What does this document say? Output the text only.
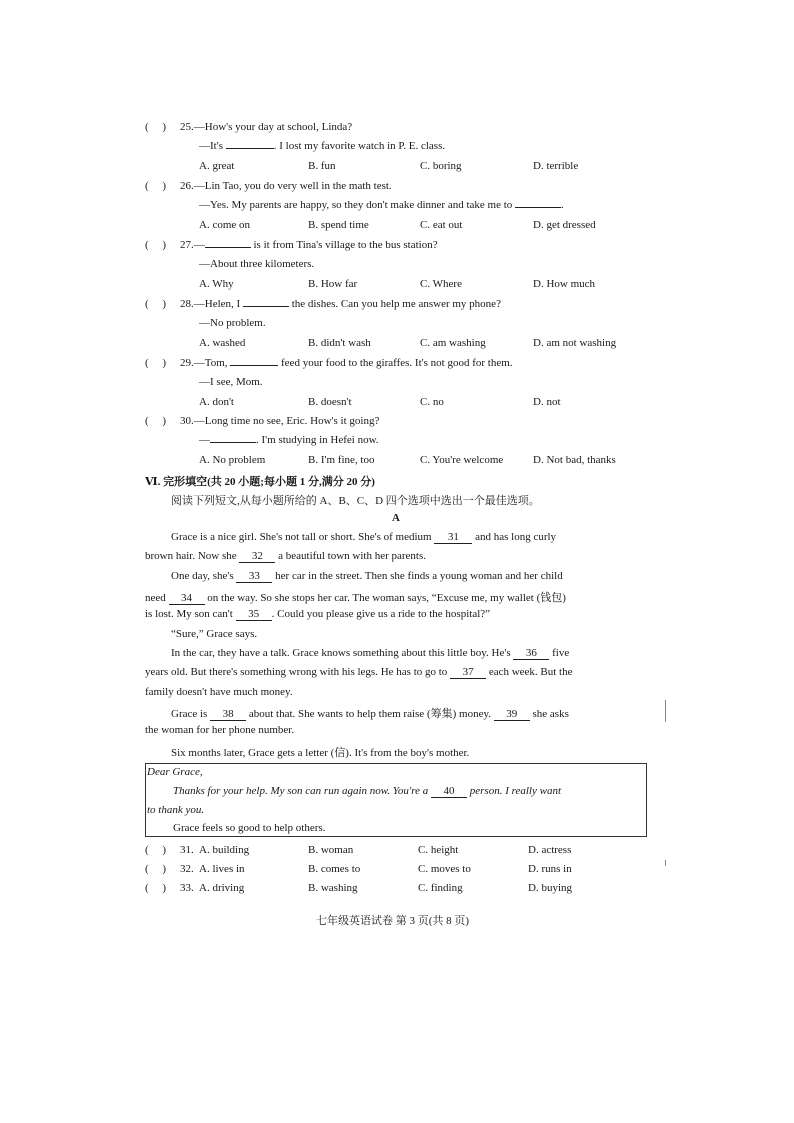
( ) 25.—How's your day at school, Linda?
—It's	. I lost my favorite watch in P. E. class.
A. great	B. fun	C. boring	D. terrible
( ) 26.—Lin Tao, you do very well in the math test.
—Yes. My parents are happy, so they don't make dinner and take me to	.
A. come on	B. spend time	C. eat out	D. get dressed
( ) 27.—	is it from Tina's village to the bus station?
—About three kilometers.
A. Why	B. How far	C. Where	D. How much
( ) 28.—Helen, I	the dishes. Can you help me answer my phone?
—No problem.
A. washed	B. didn't wash	C. am washing	D. am not washing
( ) 29.—Tom,	feed your food to the giraffes. It's not good for them.
—I see, Mom.
A. don't	B. doesn't	C. no	D. not
( ) 30.—Long time no see, Eric. How's it going?
—	. I'm studying in Hefei now.
A. No problem	B. I'm fine, too	C. You're welcome	D. Not bad, thanks
Ⅵ. 完形填空(共 20 小题;每小题 1 分,满分 20 分)
阅读下列短文,从每小题所给的 A、B、C、D 四个选项中选出一个最佳选项。
A
Grace is a nice girl. She's not tall or short. She's of medium 31 and has long curly
brown hair. Now she 32 a beautiful town with her parents.
One day, she's 33 her car in the street. Then she finds a young woman and her child
need 34 on the way. So she stops her car. The woman says, “Excuse me, my wallet (钱包)
is lost. My son can't 35 . Could you please give us a ride to the hospital?”
“Sure,” Grace says.
In the car, they have a talk. Grace knows something about this little boy. He's 36 five
years old. But there's something wrong with his legs. He has to go to 37 each week. But the
family doesn't have much money.
Grace is 38 about that. She wants to help them raise (筹集) money. 39 she asks
the woman for her phone number.
Six months later, Grace gets a letter (信). It's from the boy's mother.
Dear Grace,
Thanks for your help. My son can run again now. You're a 40 person. I really want
to thank you.
Grace feels so good to help others.
( ) 31. A. building	B. woman	C. height	D. actress
( ) 32. A. lives in	B. comes to	C. moves to	D. runs in
( ) 33. A. driving	B. washing	C. finding	D. buying
七年级英语试卷 第 3 页(共 8 页)
